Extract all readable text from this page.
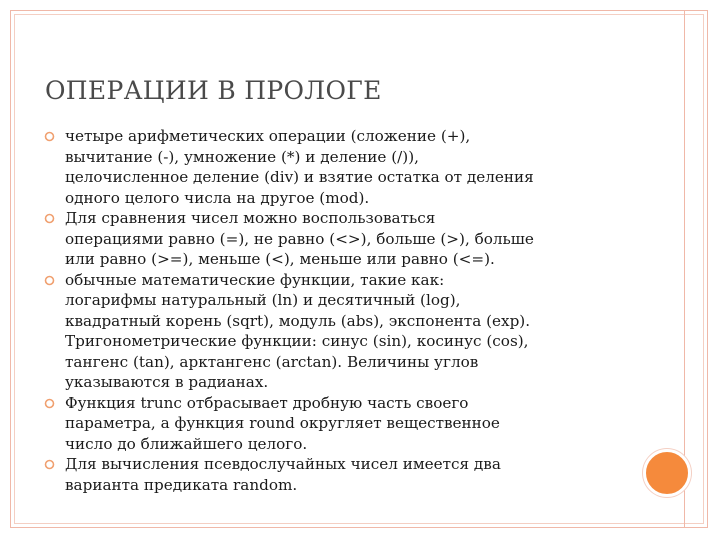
ОПЕРАЦИИ В ПРОЛОГЕ
четыре арифметических операции (сложение (+),
вычитание (-), умножение (*) и деление (/)),
целочисленное деление (div) и взятие остатка от деления
одного целого числа на другое (mod).
Для сравнения чисел можно воспользоваться
операциями равно (=), не равно (<>), больше (>), больше
или равно (>=), меньше (<), меньше или равно (<=).
обычные математические функции, такие как:
логарифмы натуральный (ln) и десятичный (log),
квадратный корень (sqrt), модуль (abs), экспонента (exp).
Тригонометрические функции: синус (sin), косинус (cos),
тангенс (tan), арктангенс (arctan). Величины углов
указываются в радианах.
Функция trunc отбрасывает дробную часть своего
параметра, а функция round округляет вещественное
число до ближайшего целого.
Для вычисления псевдослучайных чисел имеется два
варианта предиката random.
